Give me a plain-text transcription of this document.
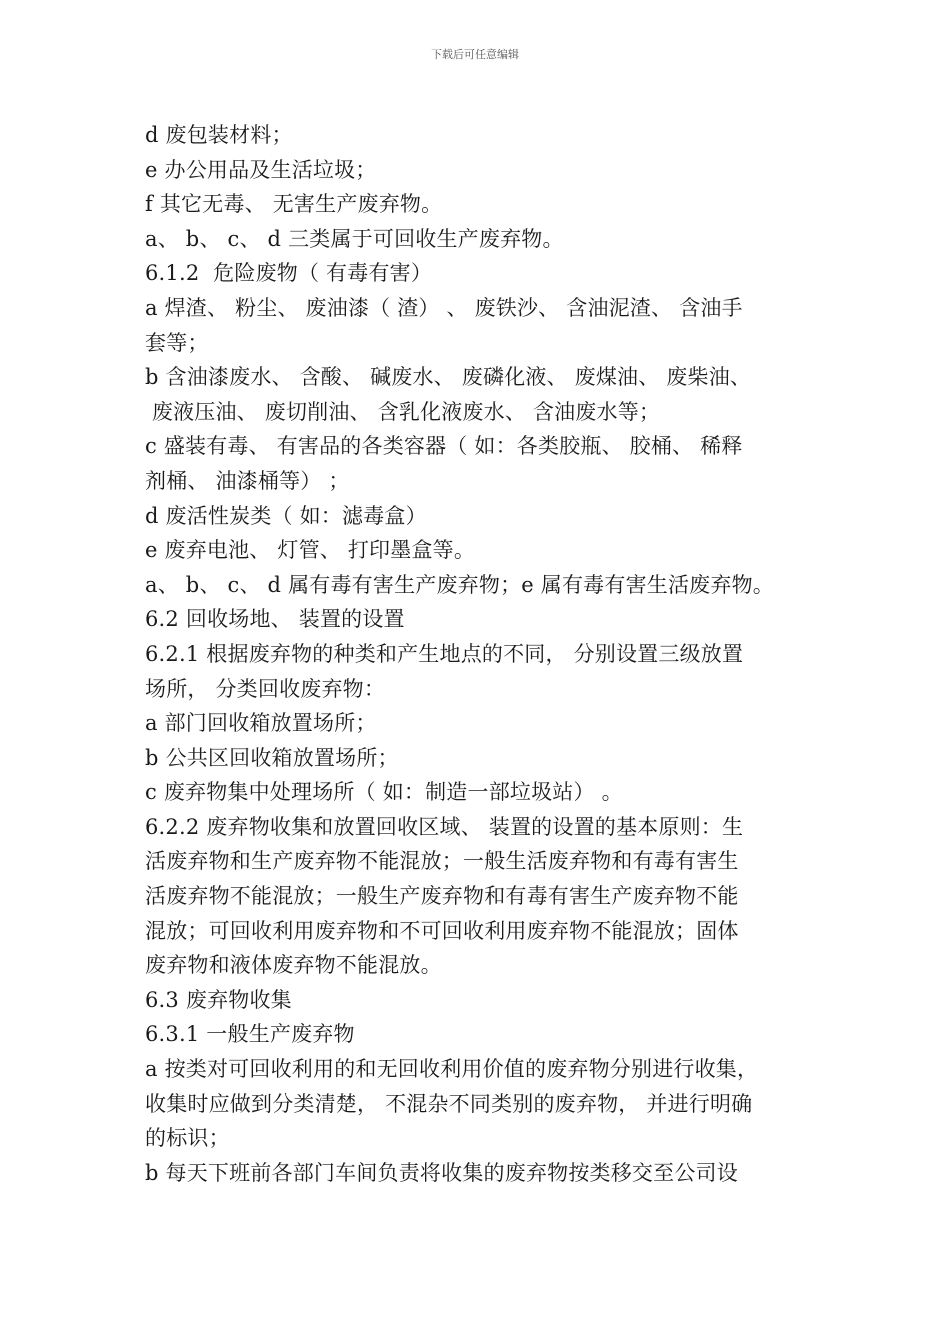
下载后可任意编辑
d 废包装材料；
e 办公用品及生活垃圾；
f 其它无毒、 无害生产废弃物。
a、 b、 c、 d 三类属于可回收生产废弃物。
6.1.2  危险废物（ 有毒有害）
a 焊渣、 粉尘、 废油漆（ 渣） 、 废铁沙、 含油泥渣、 含油手
套等；
b 含油漆废水、 含酸、 碱废水、 废磷化液、 废煤油、 废柴油、
废液压油、 废切削油、 含乳化液废水、 含油废水等；
c 盛装有毒、 有害品的各类容器（ 如：各类胶瓶、 胶桶、 稀释
剂桶、 油漆桶等） ；
d 废活性炭类（ 如：滤毒盒）
e 废弃电池、 灯管、 打印墨盒等。
a、 b、 c、 d 属有毒有害生产废弃物；e 属有毒有害生活废弃物。
6.2 回收场地、 装置的设置
6.2.1 根据废弃物的种类和产生地点的不同， 分别设置三级放置
场所， 分类回收废弃物：
a 部门回收箱放置场所；
b 公共区回收箱放置场所；
c 废弃物集中处理场所（ 如：制造一部垃圾站） 。
6.2.2 废弃物收集和放置回收区域、 装置的设置的基本原则：生
活废弃物和生产废弃物不能混放；一般生活废弃物和有毒有害生
活废弃物不能混放；一般生产废弃物和有毒有害生产废弃物不能
混放；可回收利用废弃物和不可回收利用废弃物不能混放；固体
废弃物和液体废弃物不能混放。
6.3 废弃物收集
6.3.1 一般生产废弃物
a 按类对可回收利用的和无回收利用价值的废弃物分别进行收集，
收集时应做到分类清楚， 不混杂不同类别的废弃物， 并进行明确
的标识；
b 每天下班前各部门车间负责将收集的废弃物按类移交至公司设
